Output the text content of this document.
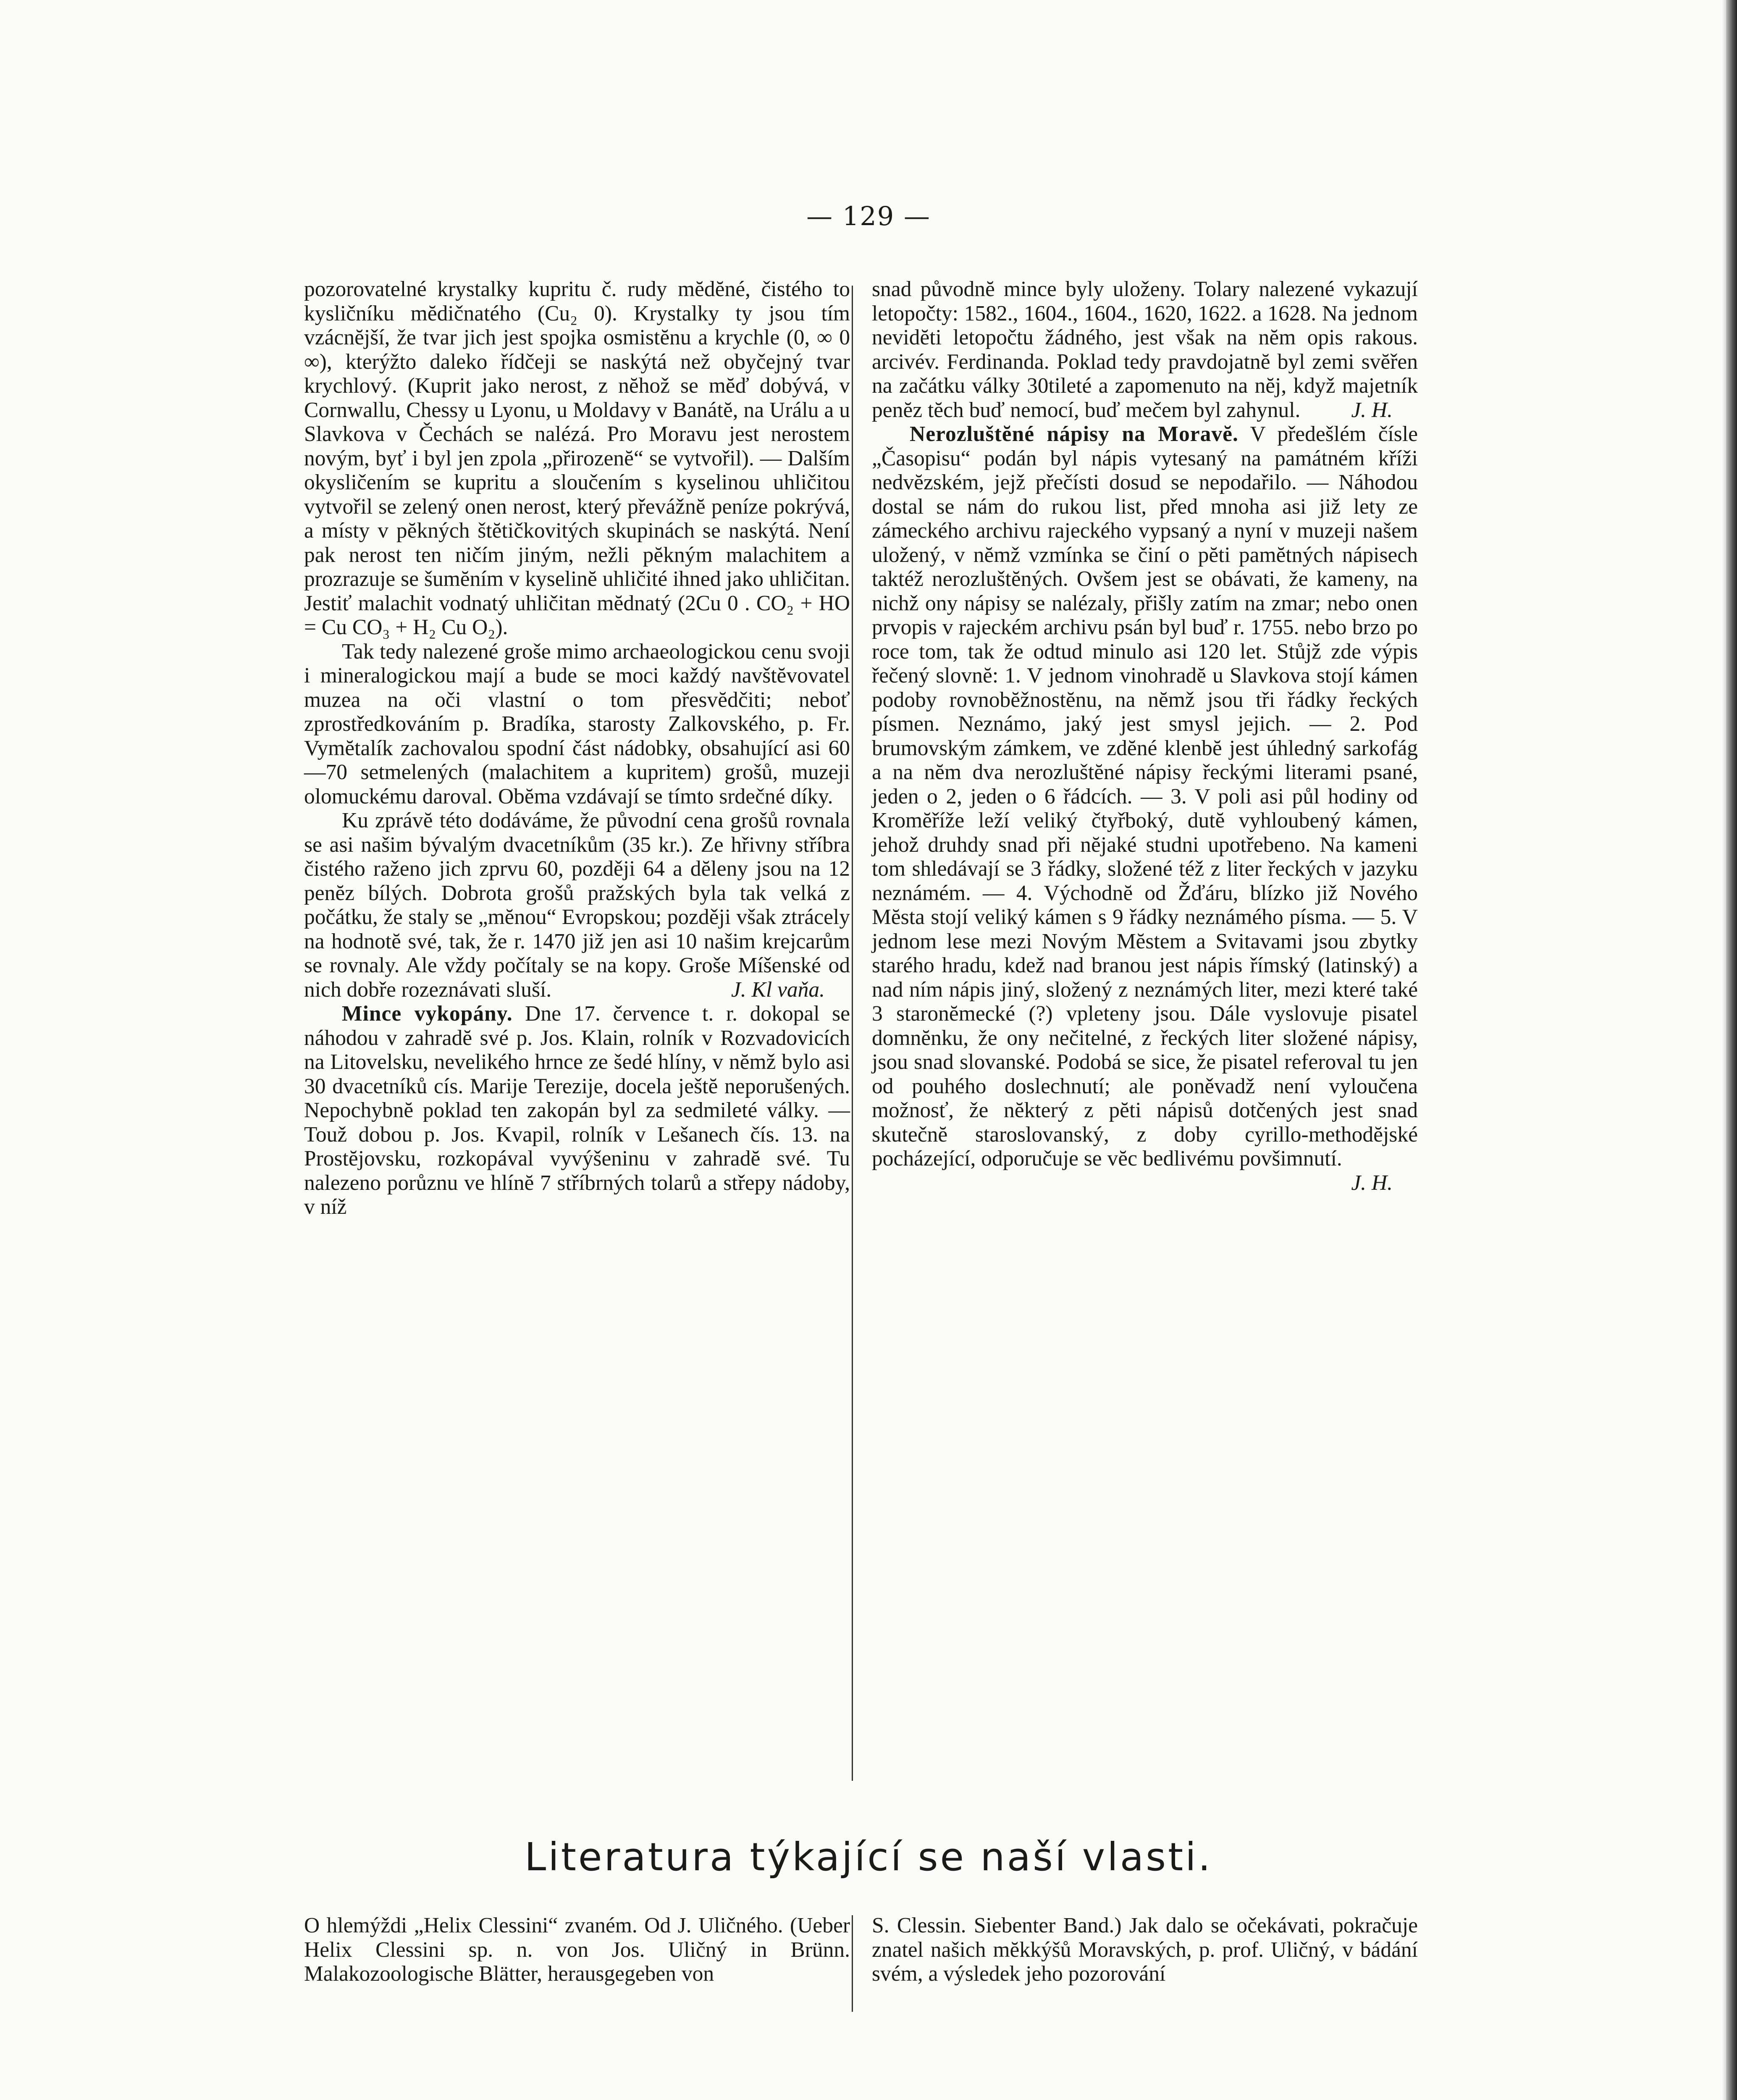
— 129 —

pozorovatelné krystalky kupritu č. rudy mĕdĕné, čistého to kysličníku mĕdičnatého (Cu₂ 0). Krystalky ty jsou tím vzácnĕjší, že tvar jich jest spojka osmistĕnu a krychle (0, ∞ 0 ∞), kterýžto daleko řídčeji se naskýtá než obyčejný tvar krychlový. (Kuprit jako nerost, z nĕhož se mĕď dobývá, v Cornwallu, Chessy u Lyonu, u Moldavy v Banátĕ, na Urálu a u Slavkova v Čechách se nalézá. Pro Moravu jest nerostem novým, byť i byl jen zpola „přirozenĕ“ se vytvořil). — Dalším okysličením se kupritu a sloučením s kyselinou uhličitou vytvořil se zelený onen nerost, který převážnĕ peníze pokrývá, a místy v pĕkných štĕtičkovitých skupinách se naskýtá. Není pak nerost ten ničím jiným, nežli pĕkným malachitem a prozrazuje se šumĕním v kyselinĕ uhličité ihned jako uhličitan. Jestiť malachit vodnatý uhličitan mĕdnatý (2Cu 0 . CO₂ + HO = Cu CO₃ + H₂ Cu O₂).

Tak tedy nalezené groše mimo archaeologickou cenu svoji i mineralogickou mají a bude se moci každý navštĕvovatel muzea na oči vlastní o tom přesvĕdčiti; neboť zprostředkováním p. Bradíka, starosty Zalkovského, p. Fr. Vymĕtalík zachovalou spodní část nádobky, obsahující asi 60—70 setmelených (malachitem a kupritem) grošů, muzeji olomuckému daroval. Obĕma vzdávají se tímto srdečné díky.

Ku zprávĕ této dodáváme, že původní cena grošů rovnala se asi našim bývalým dvacetníkům (35 kr.). Ze hřivny stříbra čistého raženo jich zprvu 60, později 64 a dĕleny jsou na 12 penĕz bílých. Dobrota grošů pražských byla tak velká z počátku, že staly se „mĕnou“ Evropskou; později však ztrácely na hodnotĕ své, tak, že r. 1470 již jen asi 10 našim krejcarům se rovnaly. Ale vždy počítaly se na kopy. Groše Míšenské od nich dobře rozeznávati sluší.	J. Kl vaňa.

Mince vykopány. Dne 17. července t. r. dokopal se náhodou v zahradĕ své p. Jos. Klain, rolník v Rozvadovicích na Litovelsku, nevelikého hrnce ze šedé hlíny, v nĕmž bylo asi 30 dvacetníků cís. Marije Terezije, docela ještĕ neporušených. Nepochybnĕ poklad ten zakopán byl za sedmileté války. — Touž dobou p. Jos. Kvapil, rolník v Lešanech čís. 13. na Prostĕjovsku, rozkopával vyvýšeninu v zahradĕ své. Tu nalezeno porůznu ve hlínĕ 7 stříbrných tolarů a střepy nádoby, v níž

snad původnĕ mince byly uloženy. Tolary nalezené vykazují letopočty: 1582., 1604., 1604., 1620, 1622. a 1628. Na jednom nevidĕti letopočtu žádného, jest však na nĕm opis rakous. arcivév. Ferdinanda. Poklad tedy pravdojatnĕ byl zemi svĕřen na začátku války 30tileté a zapomenuto na nĕj, když majetník penĕz tĕch buď nemocí, buď mečem byl zahynul. J. H.

Nerozluštĕné nápisy na Moravĕ. V předešlém čísle „Časopisu“ podán byl nápis vytesaný na památném kříži nedvĕzském, jejž přečísti dosud se nepodařilo. — Náhodou dostal se nám do rukou list, před mnoha asi již lety ze zámeckého archivu rajeckého vypsaný a nyní v muzeji našem uložený, v nĕmž vzmínka se činí o pĕti pamĕtných nápisech taktéž nerozluštĕných. Ovšem jest se obávati, že kameny, na nichž ony nápisy se nalézaly, přišly zatím na zmar; nebo onen prvopis v rajeckém archivu psán byl buď r. 1755. nebo brzo po roce tom, tak že odtud minulo asi 120 let. Stůjž zde výpis řečený slovnĕ: 1. V jednom vinohradĕ u Slavkova stojí kámen podoby rovnobĕžnostĕnu, na nĕmž jsou tři řádky řeckých písmen. Neznámo, jaký jest smysl jejich. — 2. Pod brumovským zámkem, ve zdĕné klenbĕ jest úhledný sarkofág a na nĕm dva nerozluštĕné nápisy řeckými literami psané, jeden o 2, jeden o 6 řádcích. — 3. V poli asi půl hodiny od Kromĕříže leží veliký čtyřboký, dutĕ vyhloubený kámen, jehož druhdy snad při nĕjaké studni upotřebeno. Na kameni tom shledávají se 3 řádky, složené též z liter řeckých v jazyku neznámém. — 4. Východnĕ od Žďáru, blízko již Nového Mĕsta stojí veliký kámen s 9 řádky neznámého písma. — 5. V jednom lese mezi Novým Mĕstem a Svitavami jsou zbytky starého hradu, kdež nad branou jest nápis římský (latinský) a nad ním nápis jiný, složený z neznámých liter, mezi které také 3 staronĕmecké (?) vpleteny jsou. Dále vyslovuje pisatel domnĕnku, že ony nečitelné, z řeckých liter složené nápisy, jsou snad slovanské. Podobá se sice, že pisatel referoval tu jen od pouhého doslechnutí; ale poněvadž není vyloučena možnosť, že nĕkterý z pĕti nápisů dotčených jest snad skutečnĕ staroslovanský, z doby cyrillo-methodĕjské pocházející, odporučuje se vĕc bedlivému povšimnutí.
J. H.

Literatura týkající se naší vlasti.

O hlemýždi „Helix Clessini“ zvaném. Od J. Uličného. (Ueber Helix Clessini sp. n. von Jos. Uličný in Brünn. Malakozoologische Blätter, herausgegeben von

S. Clessin. Siebenter Band.) Jak dalo se očekávati, pokračuje znatel našich mĕkkýšů Moravských, p. prof. Uličný, v bádání svém, a výsledek jeho pozorování
